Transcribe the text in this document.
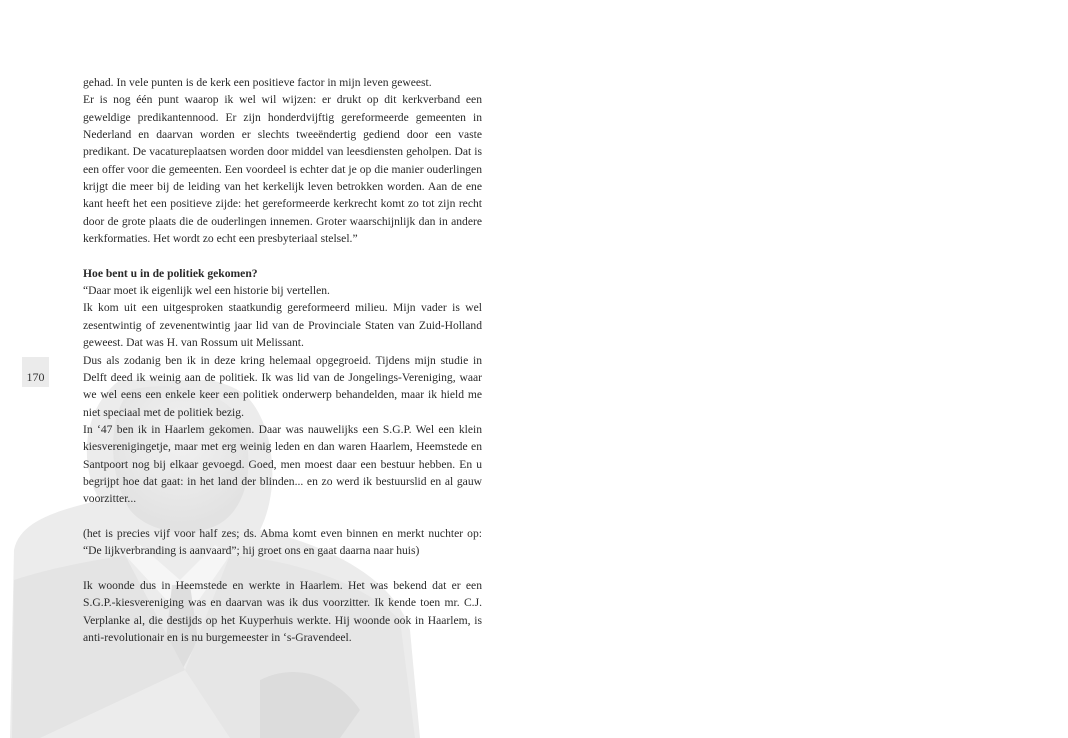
170

gehad. In vele punten is de kerk een positieve factor in mijn leven geweest.

Er is nog één punt waarop ik wel wil wijzen: er drukt op dit kerkverband een geweldige predikantennood. Er zijn honderdvijftig gereformeerde gemeenten in Nederland en daarvan worden er slechts tweeëndertig gediend door een vaste predikant. De vacatureplaatsen worden door middel van leesdiensten geholpen. Dat is een offer voor die gemeenten. Een voordeel is echter dat je op die manier ouderlingen krijgt die meer bij de leiding van het kerkelijk leven betrokken worden. Aan de ene kant heeft het een positieve zijde: het gereformeerde kerkrecht komt zo tot zijn recht door de grote plaats die de ouderlingen innemen. Groter waarschijnlijk dan in andere kerkformaties. Het wordt zo echt een presbyteriaal stelsel.”

Hoe bent u in de politiek gekomen?

“Daar moet ik eigenlijk wel een historie bij vertellen.

Ik kom uit een uitgesproken staatkundig gereformeerd milieu. Mijn vader is wel zesentwintig of zevenentwintig jaar lid van de Provinciale Staten van Zuid-Holland geweest. Dat was H. van Rossum uit Melissant.

Dus als zodanig ben ik in deze kring helemaal opgegroeid. Tijdens mijn studie in Delft deed ik weinig aan de politiek. Ik was lid van de Jongelings-Vereniging, waar we wel eens een enkele keer een politiek onderwerp behandelden, maar ik hield me niet speciaal met de politiek bezig.

In ‘47 ben ik in Haarlem gekomen. Daar was nauwelijks een S.G.P. Wel een klein kiesverenigingetje, maar met erg weinig leden en dan waren Haarlem, Heemstede en Santpoort nog bij elkaar gevoegd. Goed, men moest daar een bestuur hebben. En u begrijpt hoe dat gaat: in het land der blinden... en zo werd ik bestuurslid en al gauw voorzitter...

(het is precies vijf voor half zes; ds. Abma komt even binnen en merkt nuchter op: “De lijkverbranding is aanvaard”; hij groet ons en gaat daarna naar huis)

Ik woonde dus in Heemstede en werkte in Haarlem. Het was bekend dat er een S.G.P.-kiesvereniging was en daarvan was ik dus voorzitter. Ik kende toen mr. C.J. Verplanke al, die destijds op het Kuyperhuis werkte. Hij woonde ook in Haarlem, is anti-revolutionair en is nu burgemeester in ‘s-Gravendeel.
